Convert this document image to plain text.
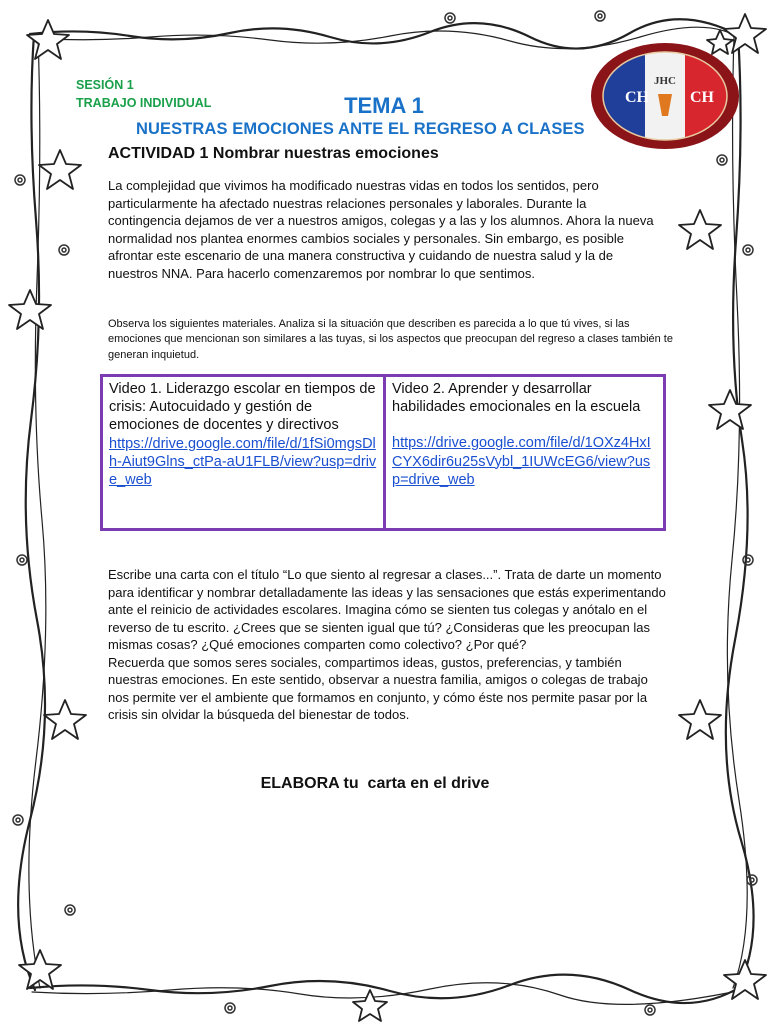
CH
JHC
CH
SESIÓN 1
TRABAJO INDIVIDUAL	TEMA 1
NUESTRAS EMOCIONES ANTE EL REGRESO A CLASES
ACTIVIDAD 1 Nombrar nuestras emociones
La complejidad que vivimos ha modificado nuestras vidas en todos los sentidos, pero particularmente ha afectado nuestras relaciones personales y laborales. Durante la contingencia dejamos de ver a nuestros amigos, colegas y a las y los alumnos. Ahora la nueva normalidad nos plantea enormes cambios sociales y personales. Sin embargo, es posible afrontar este escenario de una manera constructiva y cuidando de nuestra salud y la de nuestros NNA. Para hacerlo comenzaremos por nombrar lo que sentimos.
Observa los siguientes materiales. Analiza si la situación que describen es parecida a lo que tú vives, si las emociones que mencionan son similares a las tuyas, si los aspectos que preocupan del regreso a clases también te generan inquietud.
Video 1. Liderazgo escolar en tiempos de crisis: Autocuidado y gestión de emociones de docentes y directivos
https://drive.google.com/file/d/1fSi0mgsDlh-Aiut9Glns_ctPa-aU1FLB/view?usp=drive_web
Video 2. Aprender y desarrollar habilidades emocionales en la escuela
https://drive.google.com/file/d/1OXz4HxICYX6dir6u25sVybl_1IUWcEG6/view?usp=drive_web

Escribe una carta con el título “Lo que siento al regresar a clases...”. Trata de darte un momento para identificar y nombrar detalladamente las ideas y las sensaciones que estás experimentando ante el reinicio de actividades escolares. Imagina cómo se sienten tus colegas y anótalo en el reverso de tu escrito. ¿Crees que se sienten igual que tú? ¿Consideras que les preocupan las mismas cosas? ¿Qué emociones comparten como colectivo? ¿Por qué?

Recuerda que somos seres sociales, compartimos ideas, gustos, preferencias, y también nuestras emociones. En este sentido, observar a nuestra familia, amigos o colegas de trabajo nos permite ver el ambiente que formamos en conjunto, y cómo éste nos permite pasar por la crisis sin olvidar la búsqueda del bienestar de todos.

ELABORA tu  carta en el drive
